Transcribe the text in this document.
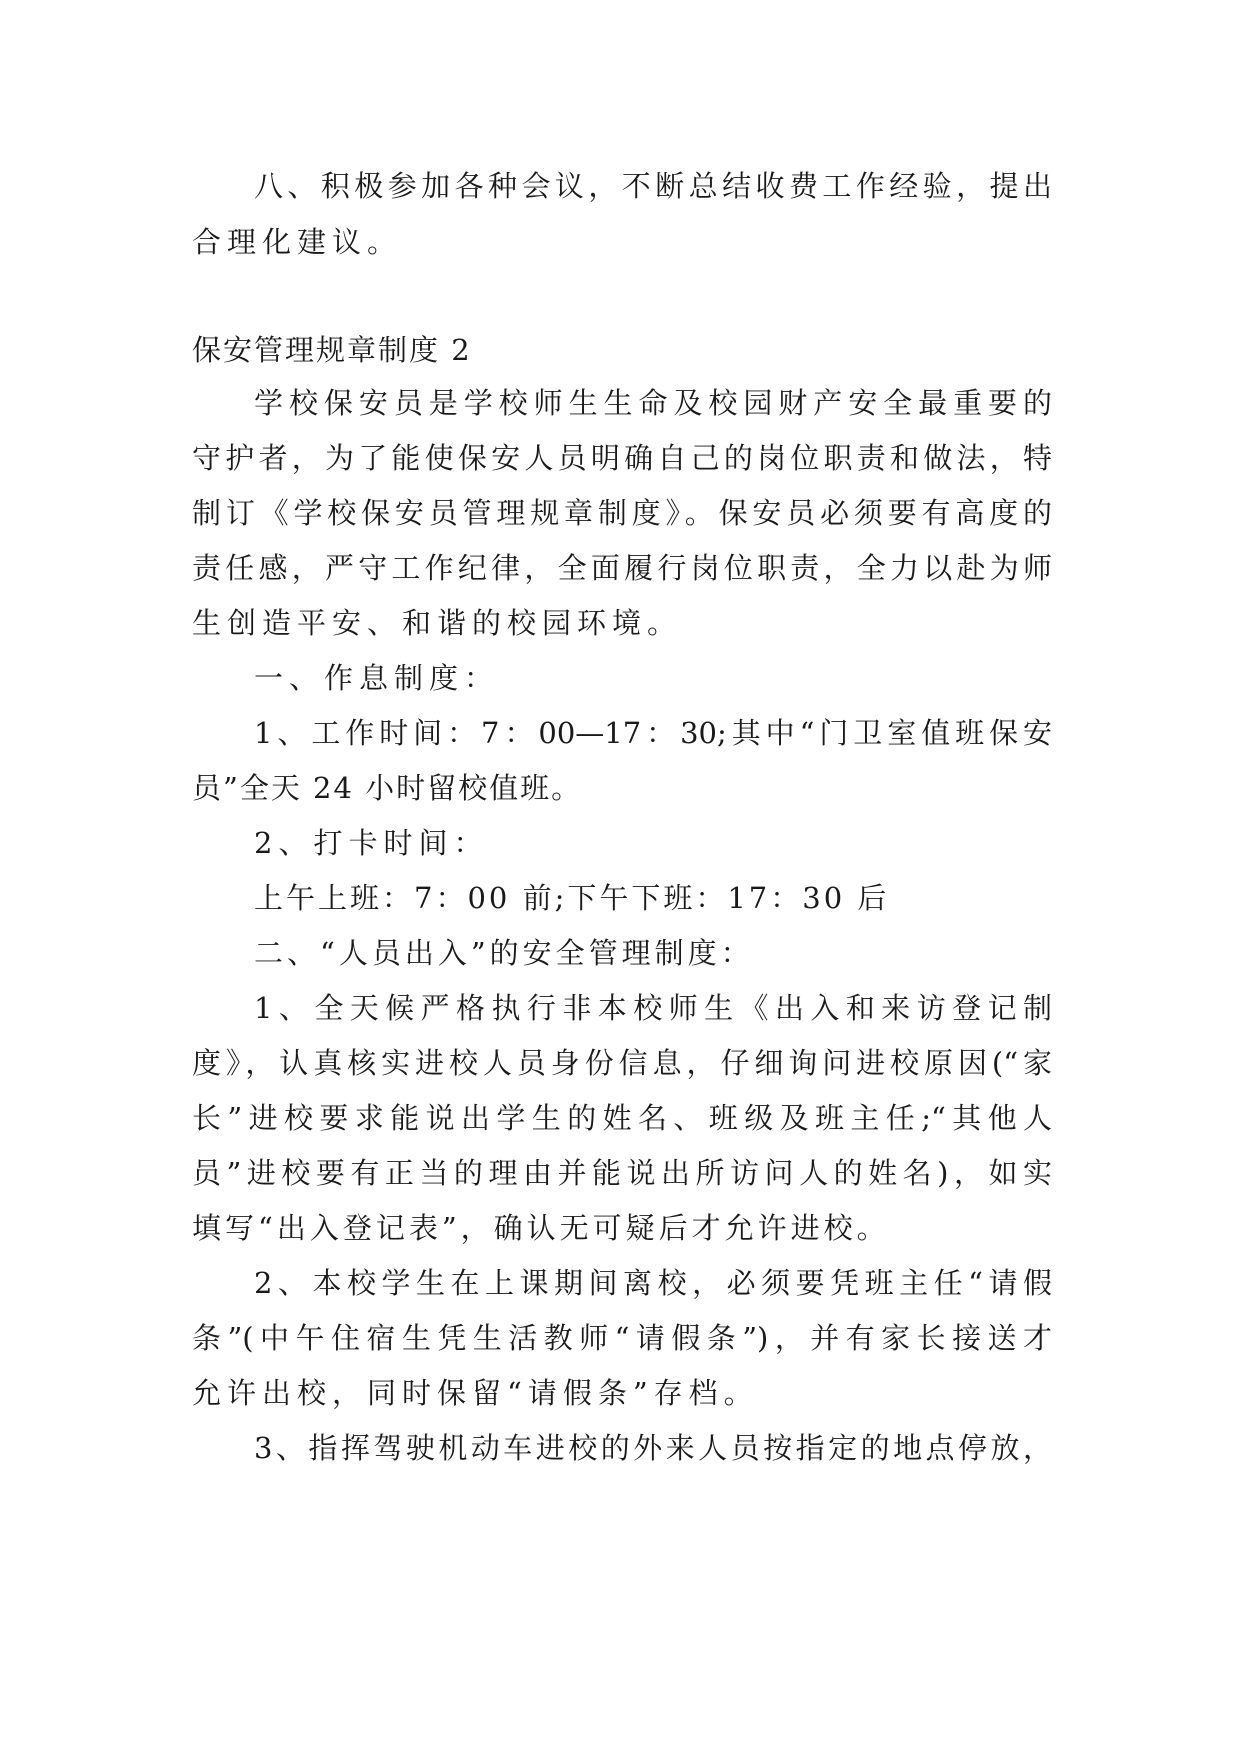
八、积极参加各种会议，不断总结收费工作经验，提出
合理化建议。
保安管理规章制度 2
学校保安员是学校师生生命及校园财产安全最重要的
守护者，为了能使保安人员明确自己的岗位职责和做法，特
制订《学校保安员管理规章制度》。保安员必须要有高度的
责任感，严守工作纪律，全面履行岗位职责，全力以赴为师
生创造平安、和谐的校园环境。
一、作息制度：
1、工作时间：7：00—17：30;其中“门卫室值班保安
员”全天 24 小时留校值班。
2、打卡时间：
上午上班：7：00 前;下午下班：17：30 后
二、“人员出入”的安全管理制度：
1、全天候严格执行非本校师生《出入和来访登记制
度》，认真核实进校人员身份信息，仔细询问进校原因(“家
长”进校要求能说出学生的姓名、班级及班主任;“其他人
员”进校要有正当的理由并能说出所访问人的姓名)，如实
填写“出入登记表”，确认无可疑后才允许进校。
2、本校学生在上课期间离校，必须要凭班主任“请假
条”(中午住宿生凭生活教师“请假条”)，并有家长接送才
允许出校，同时保留“请假条”存档。
3、指挥驾驶机动车进校的外来人员按指定的地点停放，
